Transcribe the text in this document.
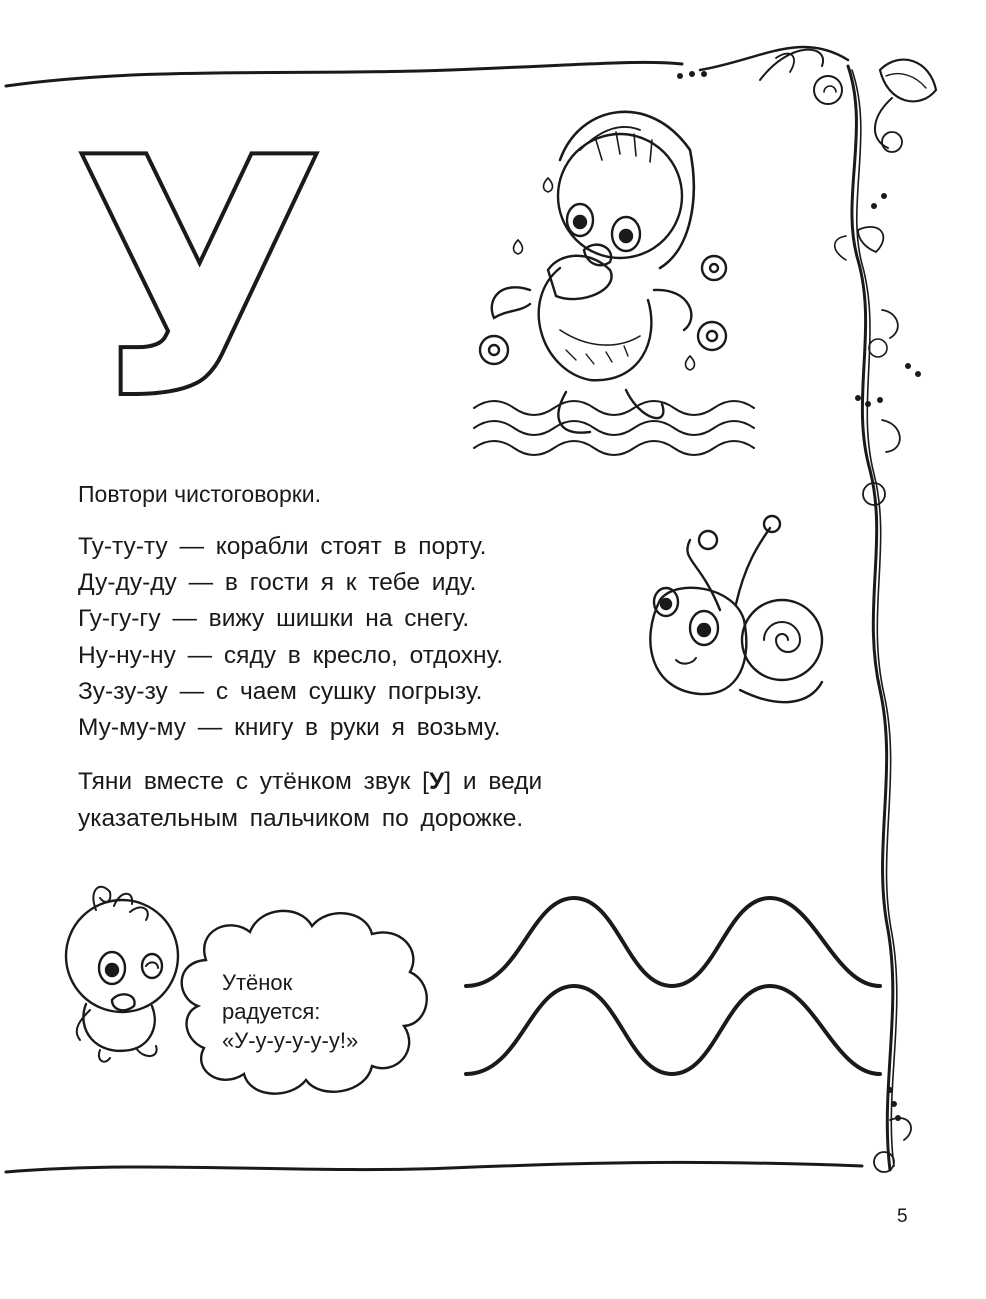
У
Повтори чистоговорки.
Ту-ту-ту — корабли стоят в порту.
Ду-ду-ду — в гости я к тебе иду.
Гу-гу-гу — вижу шишки на снегу.
Ну-ну-ну — сяду в кресло, отдохну.
Зу-зу-зу — с чаем сушку погрызу.
Му-му-му — книгу в руки я возьму.
Тяни вместе с утёнком звук [У] и веди
указательным пальчиком по дорожке.
Утёнок
радуется:
«У-у-у-у-у-у!»
5
